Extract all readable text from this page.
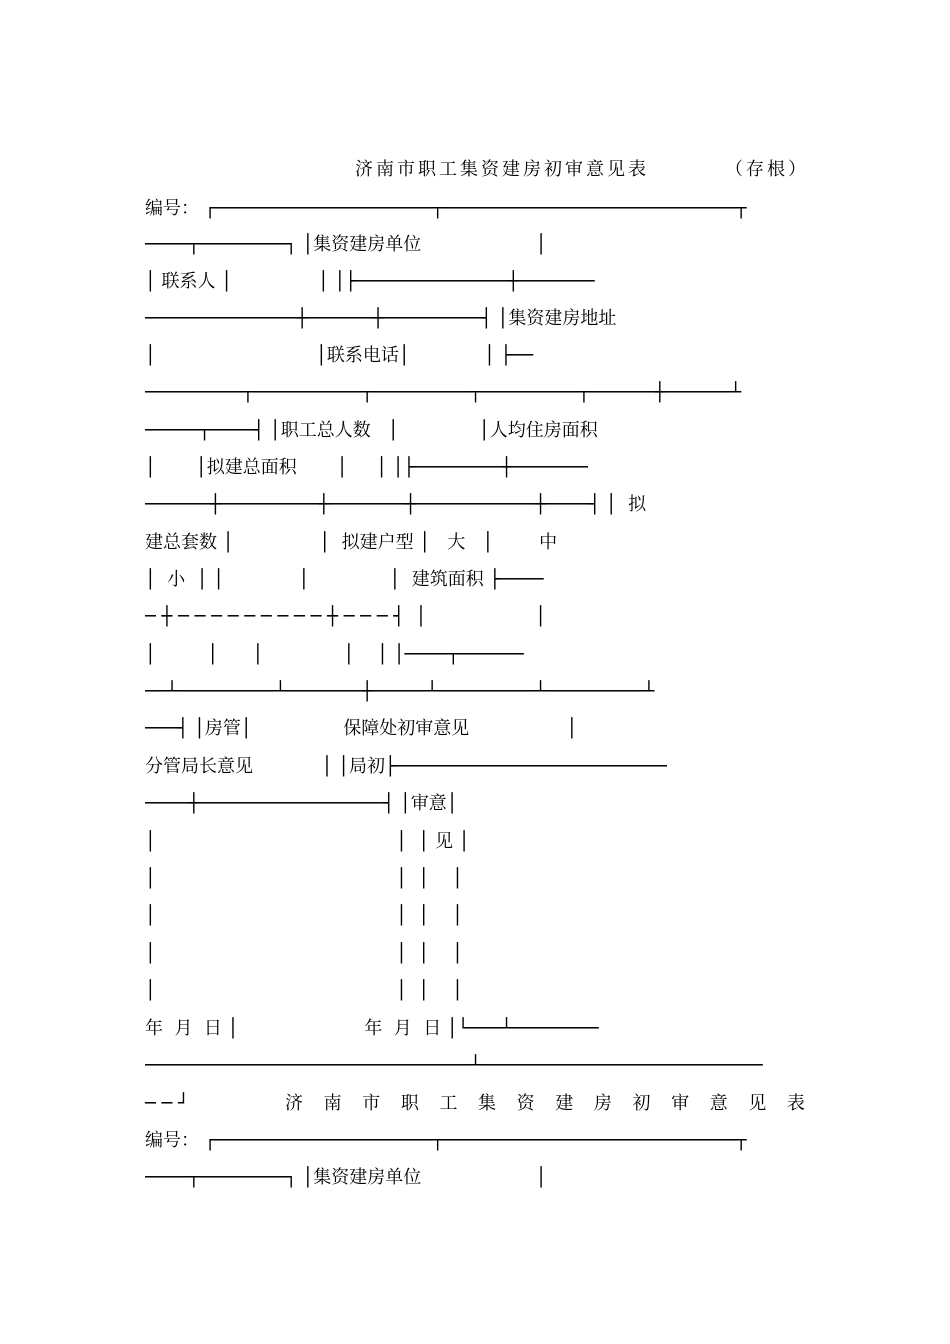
济南市职工集资建房初审意见表	（存根）
编号： ┌────────────────────┬───────────────────────────┬
────┬────────┐ │集资建房单位                    │
│ 联系人 │               │ │├──────────────┼───────
──────────────┼──────┼─────────┤ │集资建房地址
│                            │联系电话│             │ ├──
─────────┬──────────┬─────────┬─────────┬──────┼──────┴
─────┬────┤ │职工总人数   │              │人均住房面积
│       │拟建总面积       │     │ │├────────┼───────
──────┼─────────┼───────┼───────────┼────┤ │  拟
建总套数 │               │  拟建户型 │   大   │        中
│  小  │ │             │              │  建筑面积 ├────
─ ┼ ─ ─ ─ ─ ─ ─ ─ ─ ─ ┼ ─ ─ ─ ┤  │                   │
│         │      │              │    │ │────┬──────
──┴─────────┴───────┼─────┴─────────┴─────────┴
───┤ │房管│                保障处初审意见                 │
分管局长意见            │ │局初├─────────────────────────
────┼─────────────────┤ │审意│
│                                          │  │ 见 │
│                                          │  │    │
│                                          │  │    │
│                                          │  │    │
│                                          │  │    │
年  月  日 │                      年  月  日 │└───┴────────
──────────────────────────────┴──────────────────────────
─ ─ ┘	济 南 市 职 工 集 资 建 房 初 审 意 见 表
编号： ┌────────────────────┬───────────────────────────┬
────┬────────┐ │集资建房单位                    │
